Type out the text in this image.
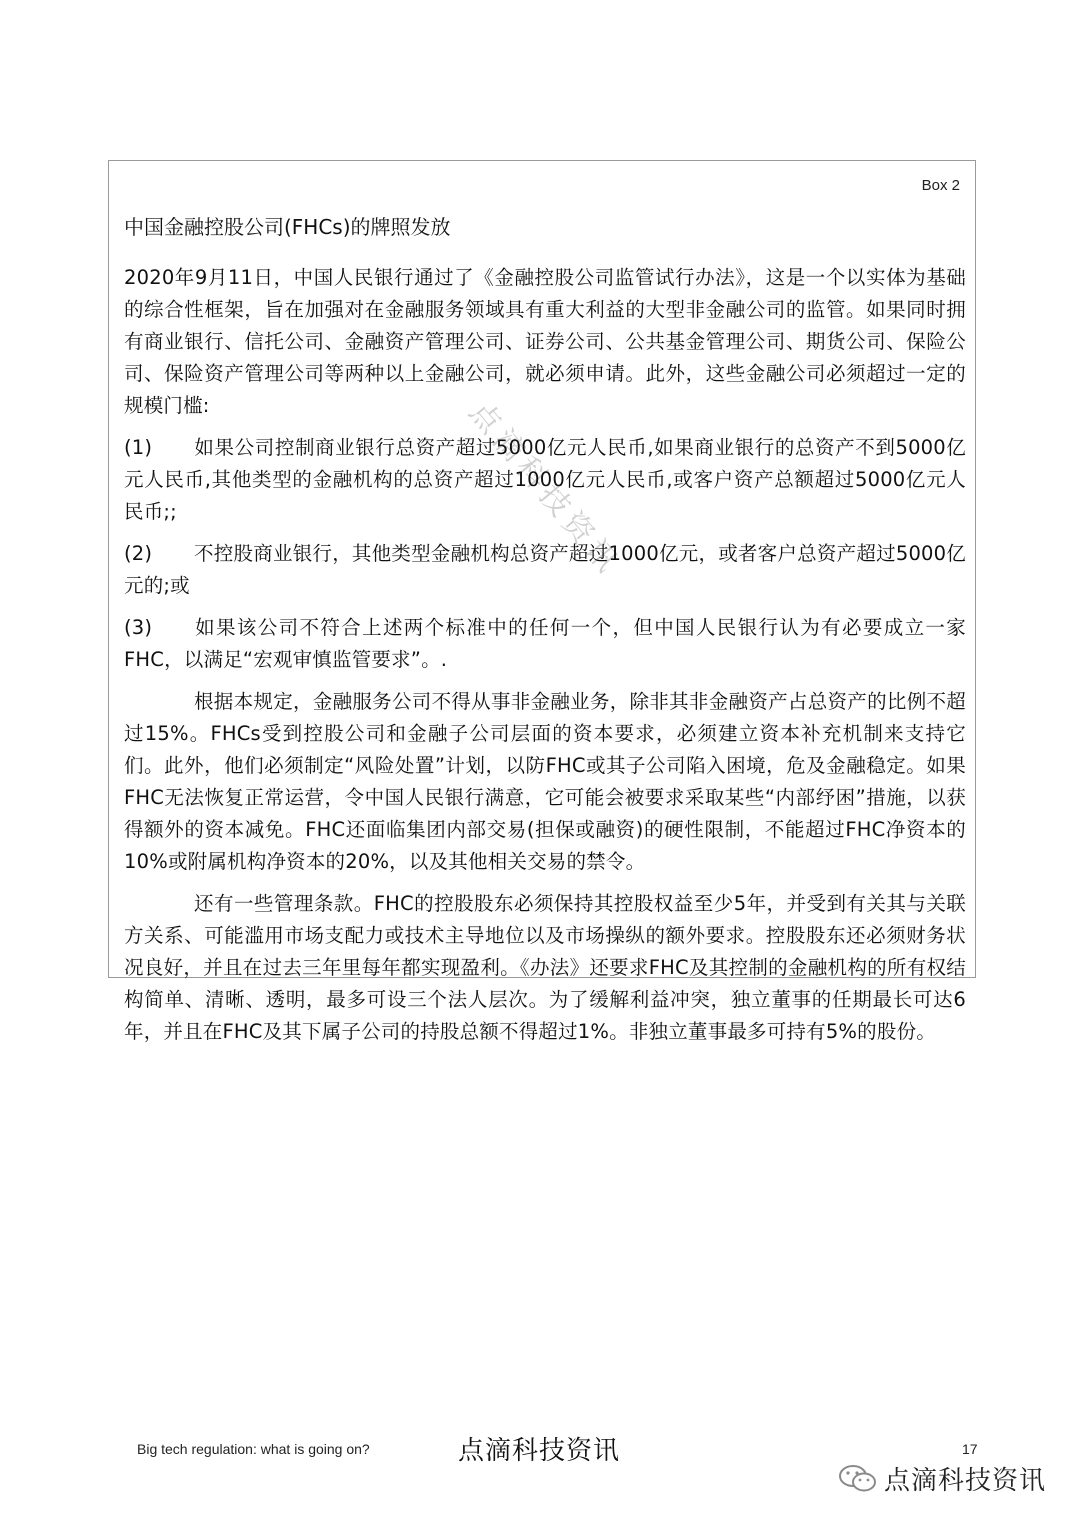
Box 2
点滴科技资讯
中国金融控股公司(FHCs)的牌照发放

2020年9月11日，中国人民银行通过了《金融控股公司监管试行办法》，这是一个以实体为基础的综合性框架，旨在加强对在金融服务领域具有重大利益的大型非金融公司的监管。如果同时拥有商业银行、信托公司、金融资产管理公司、证券公司、公共基金管理公司、期货公司、保险公司、保险资产管理公司等两种以上金融公司，就必须申请。此外，这些金融公司必须超过一定的规模门槛:

(1) 如果公司控制商业银行总资产超过5000亿元人民币,如果商业银行的总资产不到5000亿元人民币,其他类型的金融机构的总资产超过1000亿元人民币,或客户资产总额超过5000亿元人民币;;

(2) 不控股商业银行，其他类型金融机构总资产超过1000亿元，或者客户总资产超过5000亿元的;或

(3) 如果该公司不符合上述两个标准中的任何一个，但中国人民银行认为有必要成立一家FHC，以满足“宏观审慎监管要求”。.

根据本规定，金融服务公司不得从事非金融业务，除非其非金融资产占总资产的比例不超过15%。FHCs受到控股公司和金融子公司层面的资本要求，必须建立资本补充机制来支持它们。此外，他们必须制定“风险处置”计划，以防FHC或其子公司陷入困境，危及金融稳定。如果FHC无法恢复正常运营，令中国人民银行满意，它可能会被要求采取某些“内部纾困”措施，以获得额外的资本减免。FHC还面临集团内部交易(担保或融资)的硬性限制，不能超过FHC净资本的10%或附属机构净资本的20%，以及其他相关交易的禁令。

还有一些管理条款。FHC的控股股东必须保持其控股权益至少5年，并受到有关其与关联方关系、可能滥用市场支配力或技术主导地位以及市场操纵的额外要求。控股股东还必须财务状况良好，并且在过去三年里每年都实现盈利。《办法》还要求FHC及其控制的金融机构的所有权结构简单、清晰、透明，最多可设三个法人层次。为了缓解利益冲突，独立董事的任期最长可达6年，并且在FHC及其下属子公司的持股总额不得超过1%。非独立董事最多可持有5%的股份。

Big tech regulation: what is going on?	点滴科技资讯	17
点滴科技资讯
